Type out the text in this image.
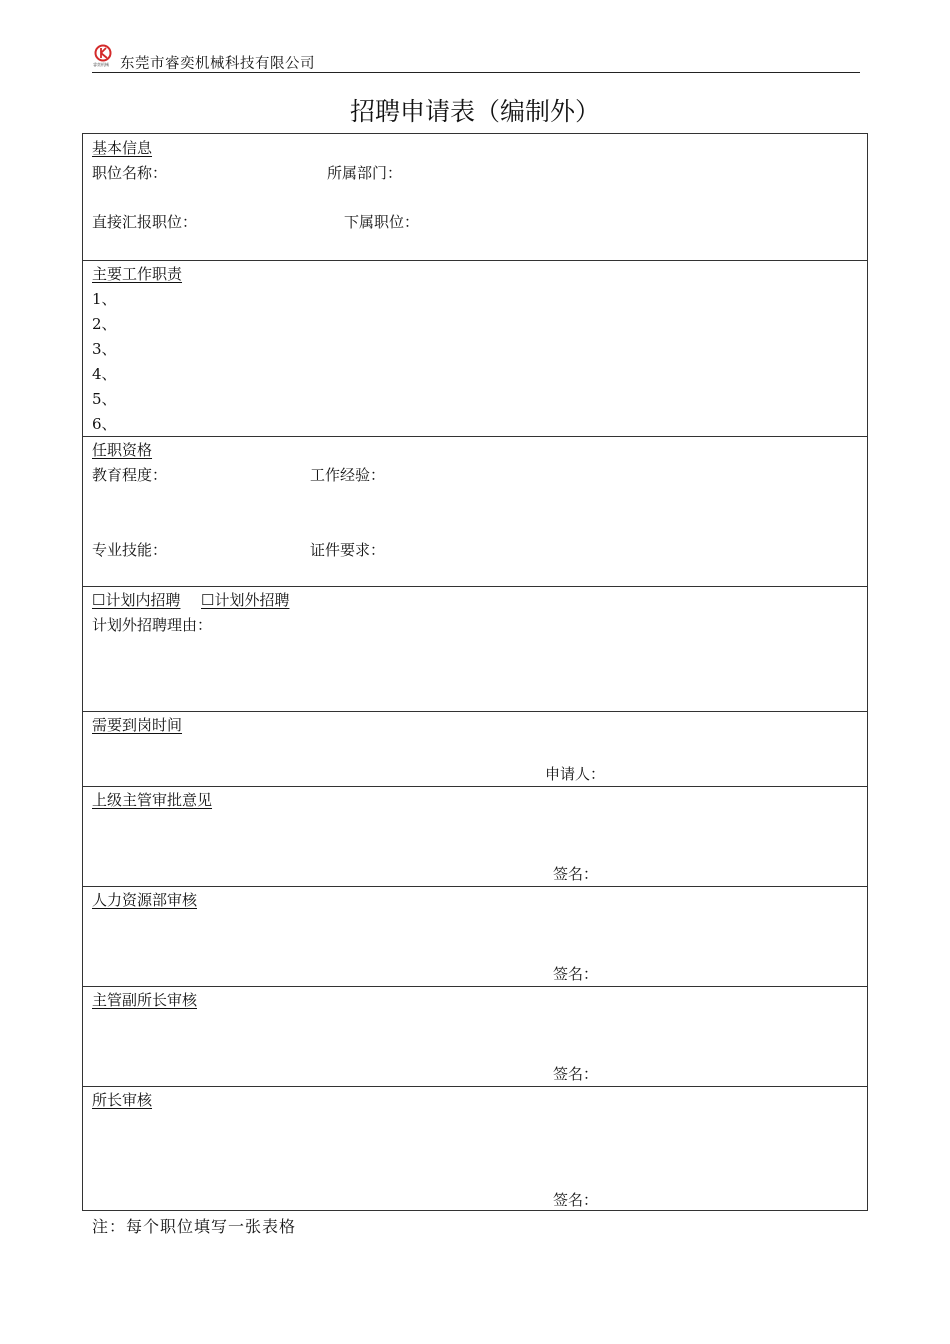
睿奕机械 东莞市睿奕机械科技有限公司
招聘申请表（编制外）
基本信息
职位名称：	所属部门：
直接汇报职位：	下属职位：
主要工作职责
1、
2、
3、
4、
5、
6、
任职资格
教育程度：	工作经验：
专业技能：	证件要求：
☐计划内招聘 ☐计划外招聘
计划外招聘理由：
需要到岗时间
申请人：
上级主管审批意见
签名：
人力资源部审核
签名：
主管副所长审核
签名：
所长审核
签名：
注：每个职位填写一张表格
